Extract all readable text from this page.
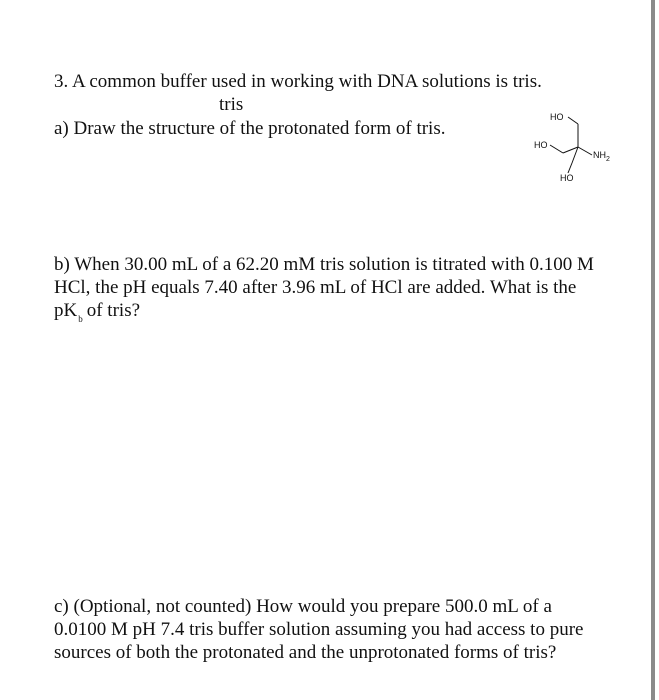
3. A common buffer used in working with DNA solutions is tris.
tris
a) Draw the structure of the protonated form of tris.
HO
HO
HO
$NH_2$
b) When 30.00 mL of a 62.20 mM tris solution is titrated with 0.100 M
HCl, the pH equals 7.40 after 3.96 mL of HCl are added. What is the
$pK_b$ of tris?
c) (Optional, not counted) How would you prepare 500.0 mL of a
0.0100 M pH 7.4 tris buffer solution assuming you had access to pure
sources of both the protonated and the unprotonated forms of tris?
